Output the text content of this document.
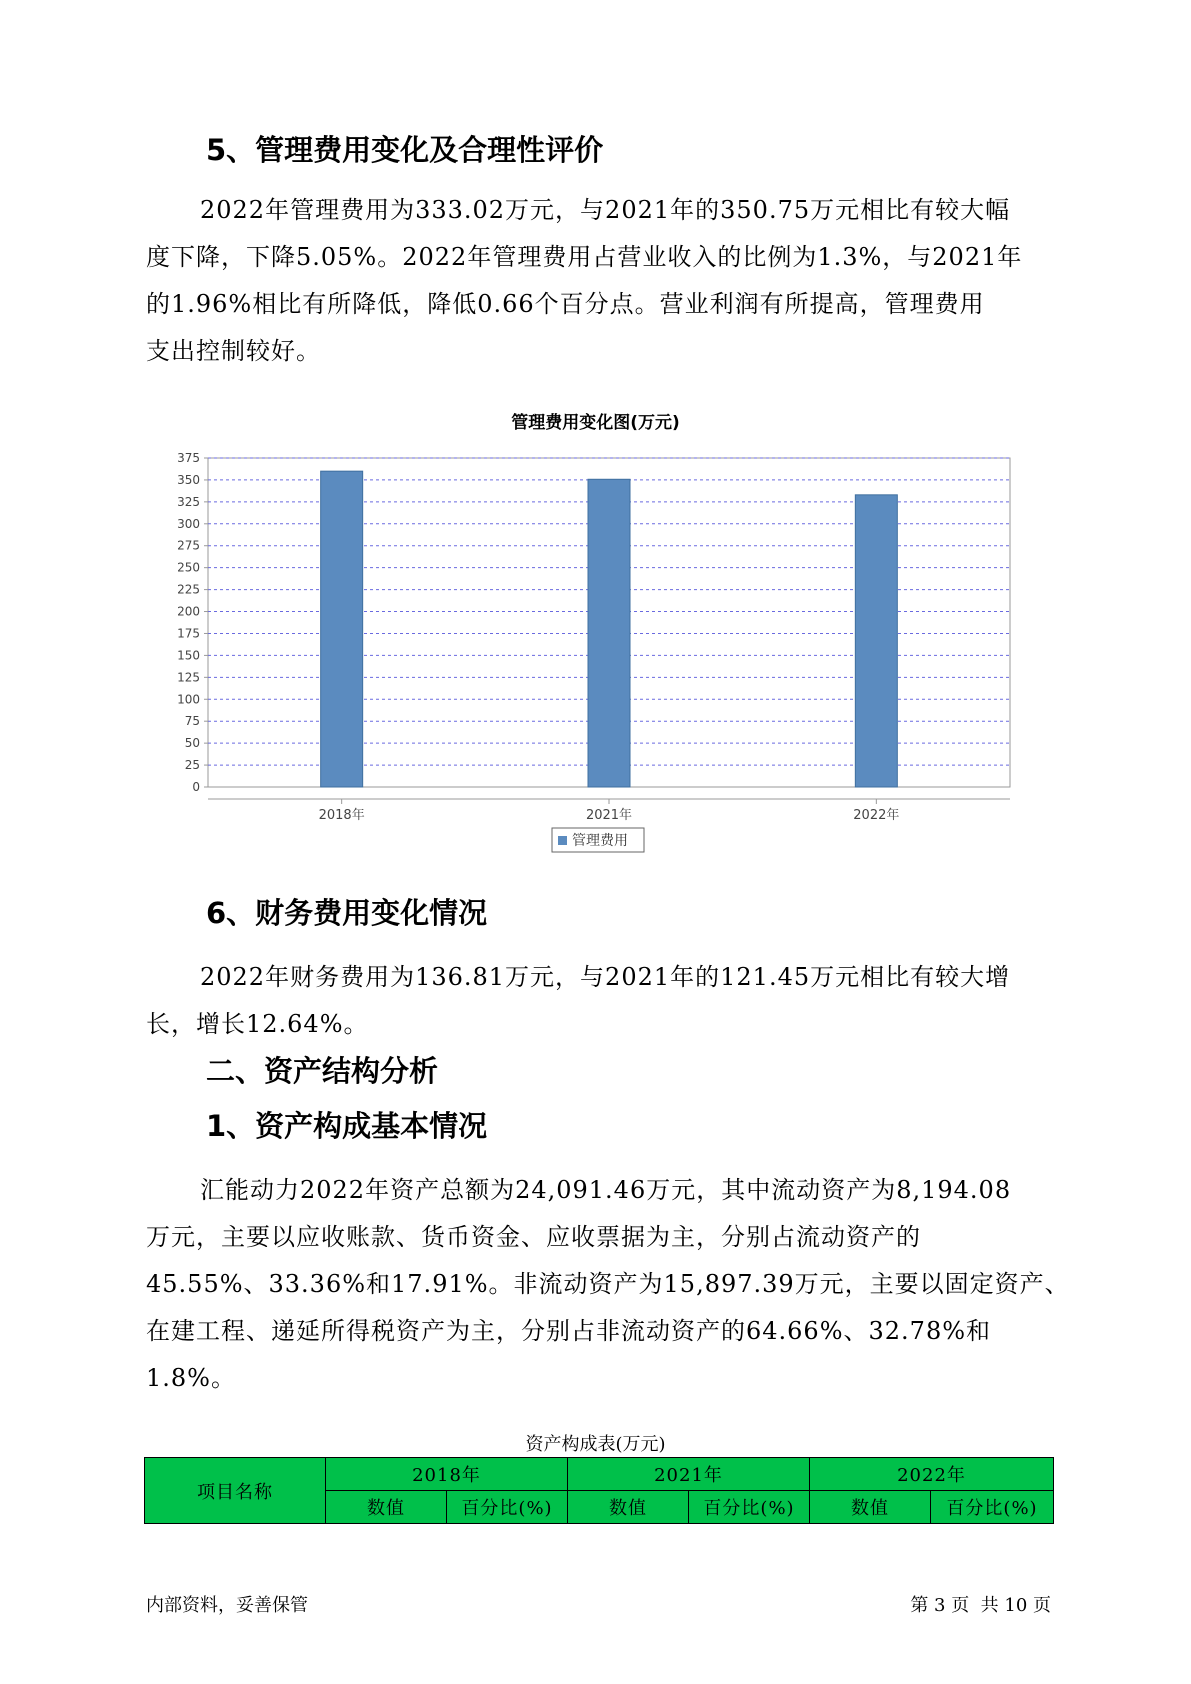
5、管理费用变化及合理性评价
2022年管理费用为333.02万元，与2021年的350.75万元相比有较大幅
度下降，下降5.05%。2022年管理费用占营业收入的比例为1.3%，与2021年
的1.96%相比有所降低，降低0.66个百分点。营业利润有所提高，管理费用
支出控制较好。
管理费用变化图(万元)
0
25
50
75
100
125
150
175
200
225
250
275
300
325
350
375
2018年	2021年	2022年
管理费用
6、财务费用变化情况
2022年财务费用为136.81万元，与2021年的121.45万元相比有较大增
长，增长12.64%。
二、资产结构分析
1、资产构成基本情况
汇能动力2022年资产总额为24,091.46万元，其中流动资产为8,194.08
万元，主要以应收账款、货币资金、应收票据为主，分别占流动资产的
45.55%、33.36%和17.91%。非流动资产为15,897.39万元，主要以固定资产、
在建工程、递延所得税资产为主，分别占非流动资产的64.66%、32.78%和
1.8%。
资产构成表(万元)
项目名称	2018年		2021年		2022年	
	数值	百分比(%)	数值	百分比(%)	数值	百分比(%)
内部资料，妥善保管	第 3 页  共 10 页
